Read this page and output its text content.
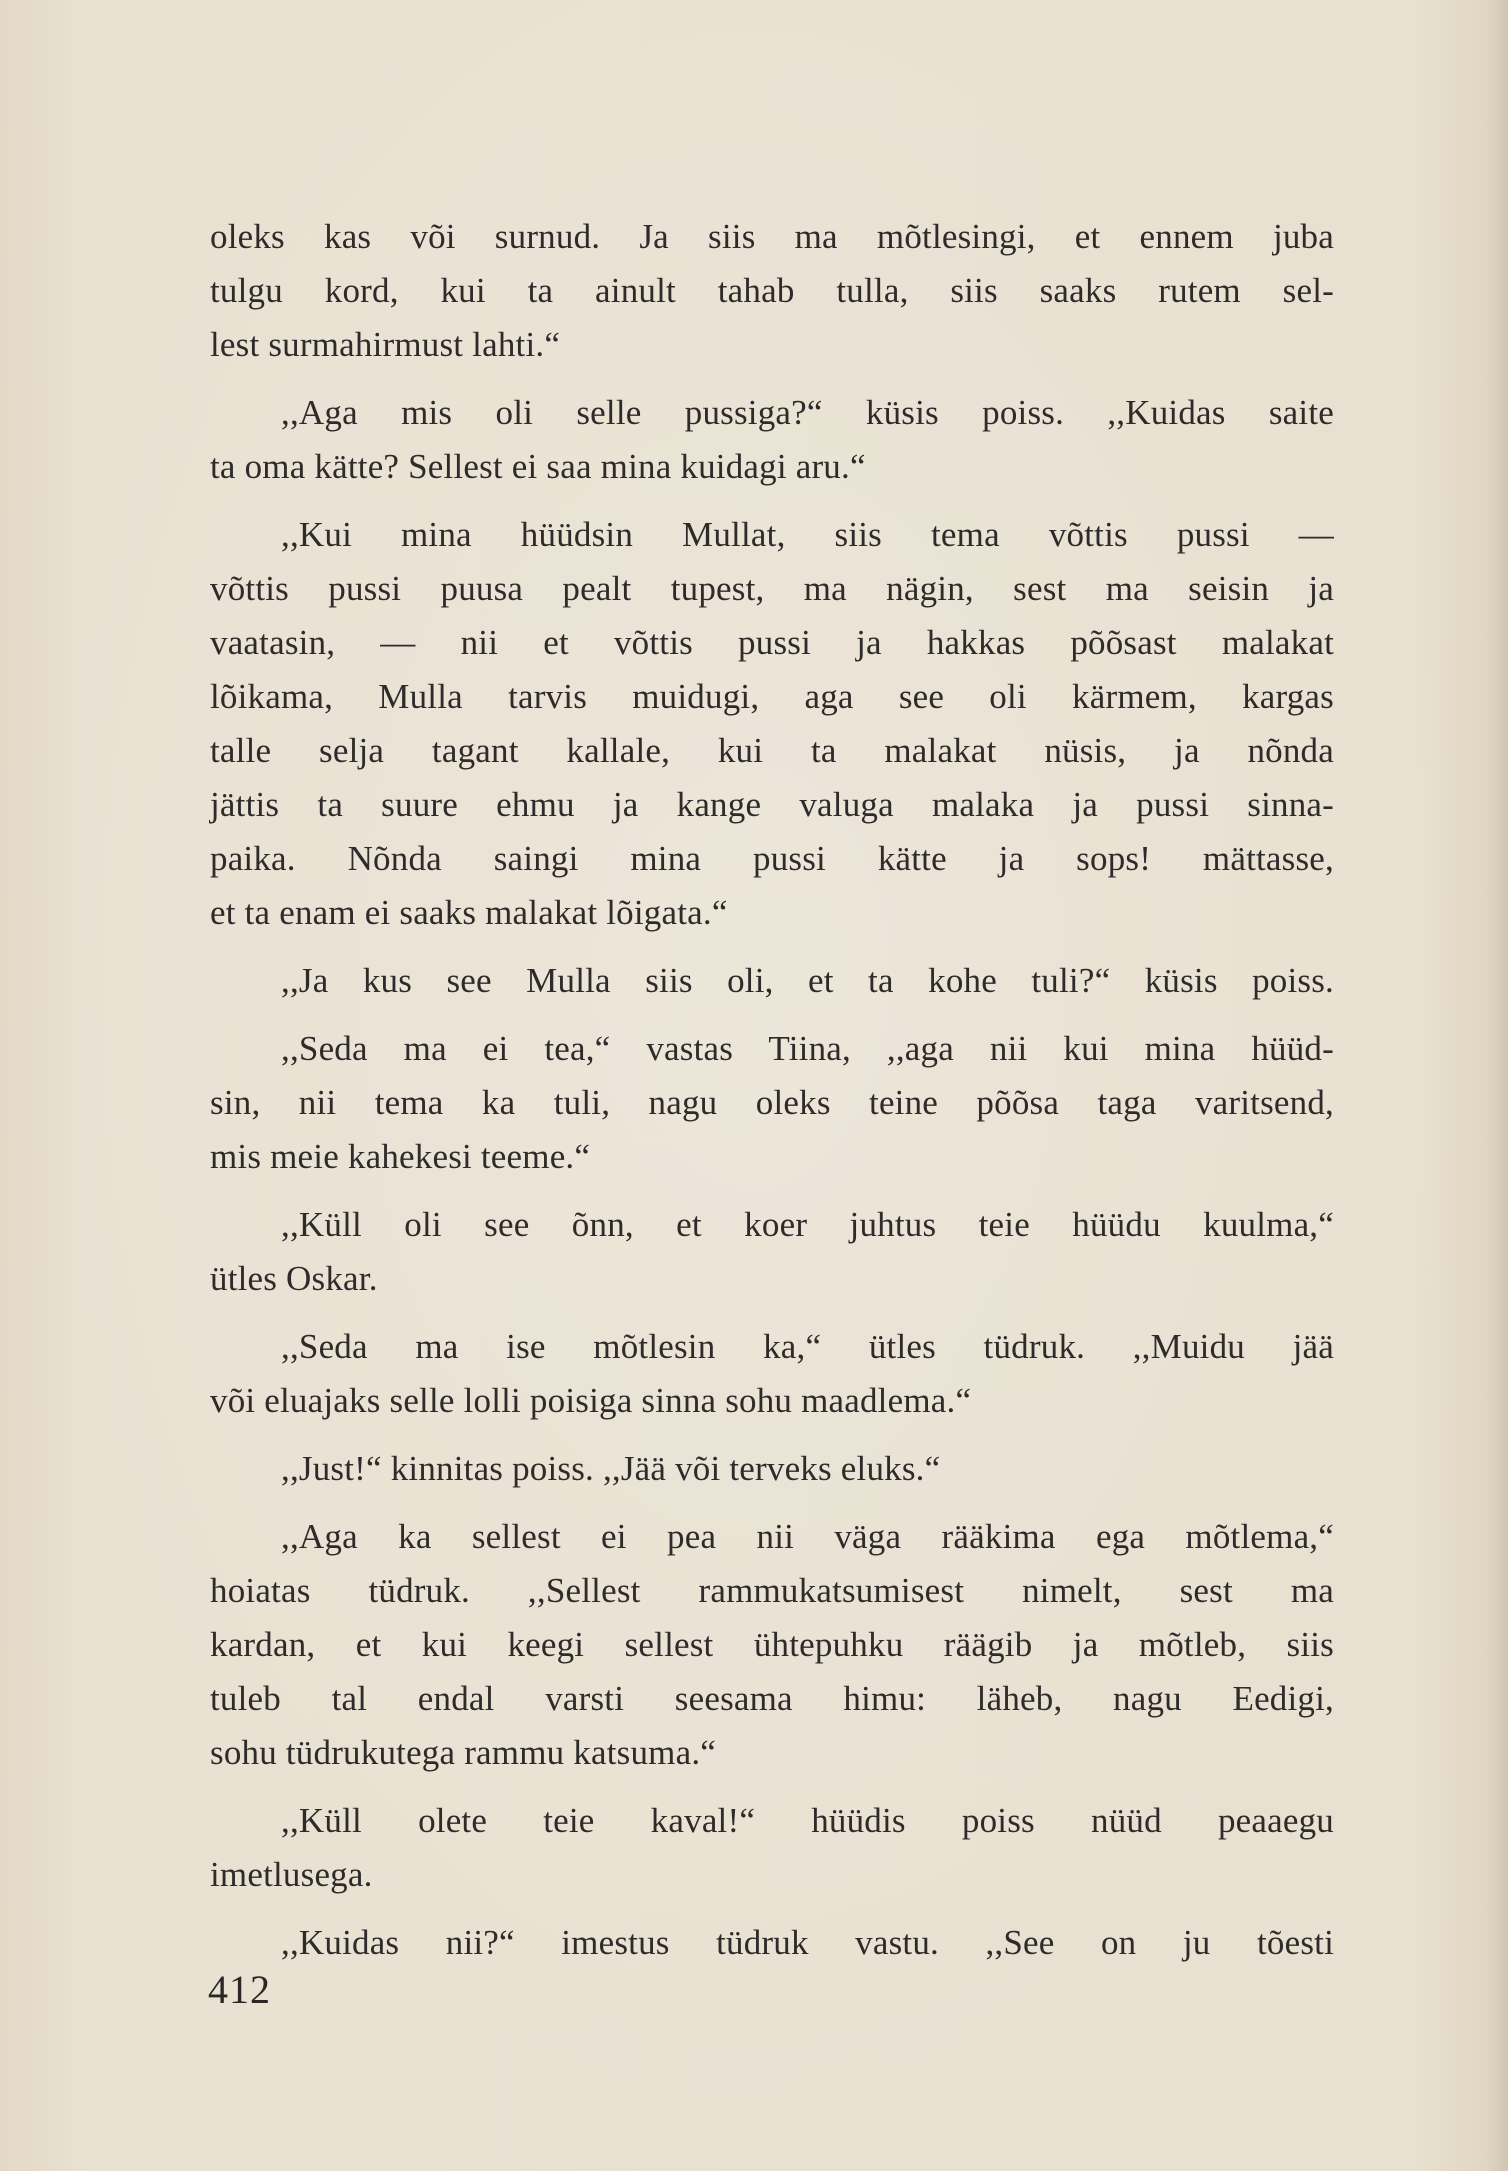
oleks kas või surnud. Ja siis ma mõtlesingi, et ennem juba
tulgu kord, kui ta ainult tahab tulla, siis saaks rutem sel-
lest surmahirmust lahti.“
,,Aga mis oli selle pussiga?“ küsis poiss. ,,Kuidas saite
ta oma kätte? Sellest ei saa mina kuidagi aru.“
,,Kui mina hüüdsin Mullat, siis tema võttis pussi —
võttis pussi puusa pealt tupest, ma nägin, sest ma seisin ja
vaatasin, — nii et võttis pussi ja hakkas põõsast malakat
lõikama, Mulla tarvis muidugi, aga see oli kärmem, kargas
talle selja tagant kallale, kui ta malakat nüsis, ja nõnda
jättis ta suure ehmu ja kange valuga malaka ja pussi sinna-
paika. Nõnda saingi mina pussi kätte ja sops! mättasse,
et ta enam ei saaks malakat lõigata.“
,,Ja kus see Mulla siis oli, et ta kohe tuli?“ küsis poiss.
,,Seda ma ei tea,“ vastas Tiina, ,,aga nii kui mina hüüd-
sin, nii tema ka tuli, nagu oleks teine põõsa taga varitsend,
mis meie kahekesi teeme.“
,,Küll oli see õnn, et koer juhtus teie hüüdu kuulma,“
ütles Oskar.
,,Seda ma ise mõtlesin ka,“ ütles tüdruk. ,,Muidu jää
või eluajaks selle lolli poisiga sinna sohu maadlema.“
,,Just!“ kinnitas poiss. ,,Jää või terveks eluks.“
,,Aga ka sellest ei pea nii väga rääkima ega mõtlema,“
hoiatas tüdruk. ,,Sellest rammukatsumisest nimelt, sest ma
kardan, et kui keegi sellest ühtepuhku räägib ja mõtleb, siis
tuleb tal endal varsti seesama himu: läheb, nagu Eedigi,
sohu tüdrukutega rammu katsuma.“
,,Küll olete teie kaval!“ hüüdis poiss nüüd peaaegu
imetlusega.
,,Kuidas nii?“ imestus tüdruk vastu. ,,See on ju tõesti
412
